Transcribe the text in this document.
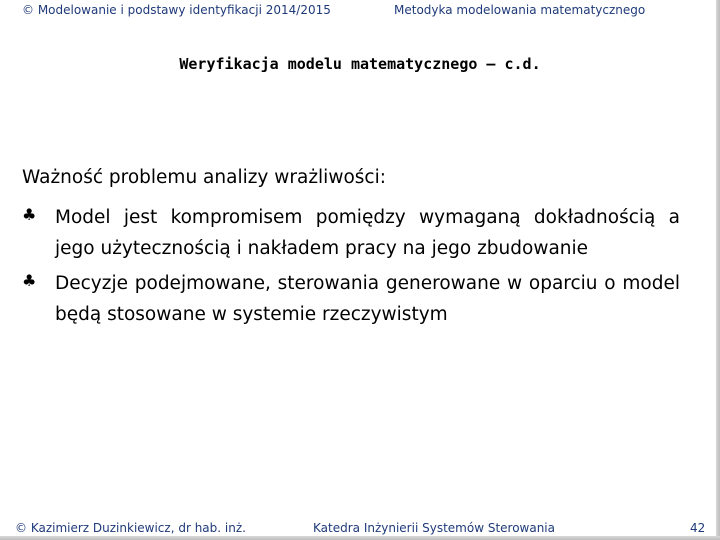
© Modelowanie i podstawy identyfikacji 2014/2015	Metodyka modelowania matematycznego
Weryfikacja modelu matematycznego – c.d.
Ważność problemu analizy wrażliwości:
♣ Model jest kompromisem pomiędzy wymaganą dokładnością a jego użytecznością i nakładem pracy na jego zbudowanie
♣ Decyzje podejmowane, sterowania generowane w oparciu o model będą stosowane w systemie rzeczywistym
© Kazimierz Duzinkiewicz, dr hab. inż.	Katedra Inżynierii Systemów Sterowania	42
